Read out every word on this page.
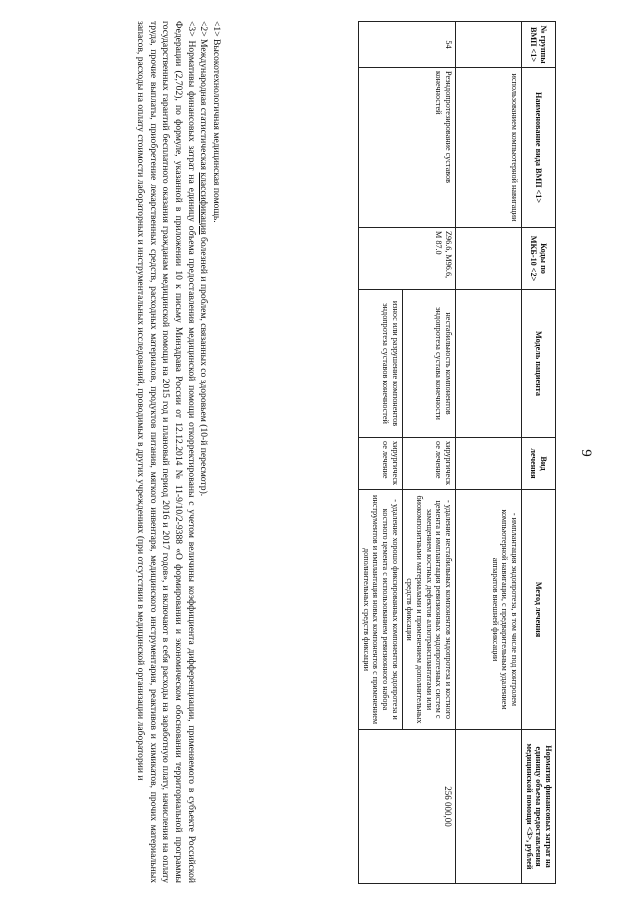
9
№ группы ВМП <1>	Наименование вида ВМП <1>	Коды по МКБ-10 <2>	Модель пациента	Вид лечения	Метод лечения	Норматив финансовых затрат на единицу объема предоставления медицинской помощи <3>, рублей
	использованием компьютерной навигации				- имплантация эндопротеза, в том числе под контролем компьютерной навигации, с предварительным удалением аппаратов внешней фиксации	
54	Реэндопротезирование суставов конечностей	Z96.6, M96.6, M 87.0	нестабильность компонентов эндопротеза сустава конечности	хирургическое лечение	- удаление нестабильных компонентов эндопротеза и костного цемента и имплантация ревизионных эндопротезных систем с замещением костных дефектов аллотрансплантатами или биокомпозитными материалами и применением дополнительных средств фиксации	256 000,00
			износ или разрушение компонентов эндопротеза суставов конечностей	хирургическое лечение	- удаление хорошо фиксированных компонентов эндопротеза и костного цемента с использованием ревизионного набора инструментов и имплантация новых компонентов с применением дополнительных средств фиксации	

<1> Высокотехнологичная медицинская помощь.

<2> Международная статистическая классификация болезней и проблем, связанных со здоровьем (10-й пересмотр).

<3> Нормативы финансовых затрат на единицу объема предоставления медицинской помощи откорректированы с учетом величины коэффициента дифференциации, применяемого в субъекте Российской Федерации (2,702), по формуле, указанной в приложении 10 к письму Минздрава России от 12.12.2014 № 11-9/10/2-9388 «О формировании и экономическом обосновании территориальной программы государственных гарантий бесплатного оказания гражданам медицинской помощи на 2015 год и плановый период 2016 и 2017 годов», и включают в себя расходы на заработную плату, начисления на оплату труда, прочие выплаты, приобретение лекарственных средств, расходных материалов, продуктов питания, мягкого инвентаря, медицинского инструментария, реактивов и химикатов, прочих материальных запасов, расходы на оплату стоимости лабораторных и инструментальных исследований, проводимых в других учреждениях (при отсутствии в медицинской организации лаборатории и
